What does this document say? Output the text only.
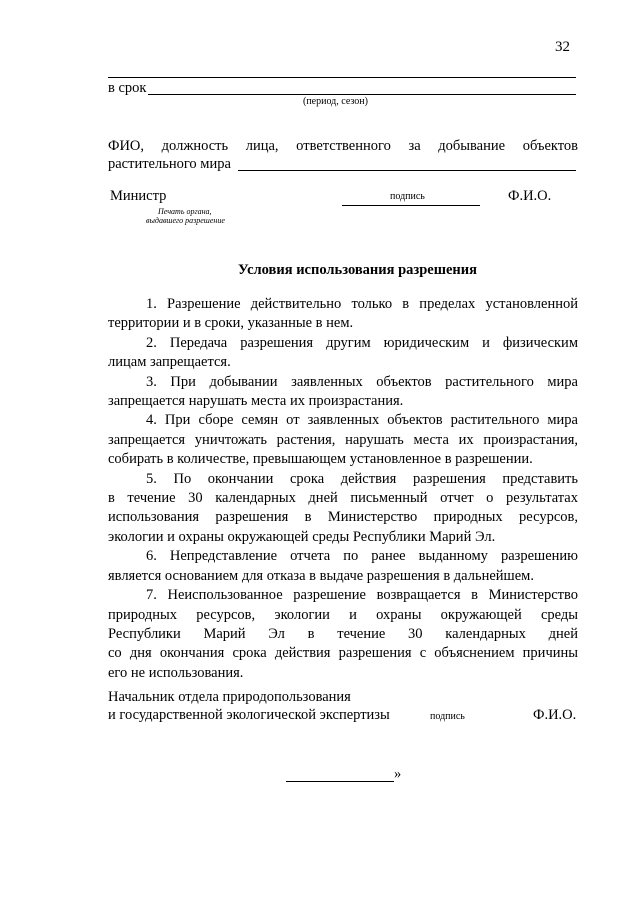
32
в срок
(период, сезон)
ФИО, должность лица, ответственного за добывание объектов
растительного мира
Министр	подпись	Ф.И.О.
Печать органа,
выдавшего разрешение
Условия использования разрешения
1. Разрешение действительно только в пределах установленной
территории и в сроки, указанные в нем.
2. Передача разрешения другим юридическим и физическим
лицам запрещается.
3. При добывании заявленных объектов растительного мира
запрещается нарушать места их произрастания.
4. При сборе семян от заявленных объектов растительного мира
запрещается уничтожать растения, нарушать места их произрастания,
собирать в количестве, превышающем установленное в разрешении.
5. По окончании срока действия разрешения представить
в течение 30 календарных дней письменный отчет о результатах
использования разрешения в Министерство природных ресурсов,
экологии и охраны окружающей среды Республики Марий Эл.
6. Непредставление отчета по ранее выданному разрешению
является основанием для отказа в выдаче разрешения в дальнейшем.
7. Неиспользованное разрешение возвращается в Министерство
природных ресурсов, экологии и охраны окружающей среды
Республики Марий Эл в течение 30 календарных дней
со дня окончания срока действия разрешения с объяснением причины
его не использования.
Начальник отдела природопользования
и государственной экологической экспертизы	подпись	Ф.И.О.
»
